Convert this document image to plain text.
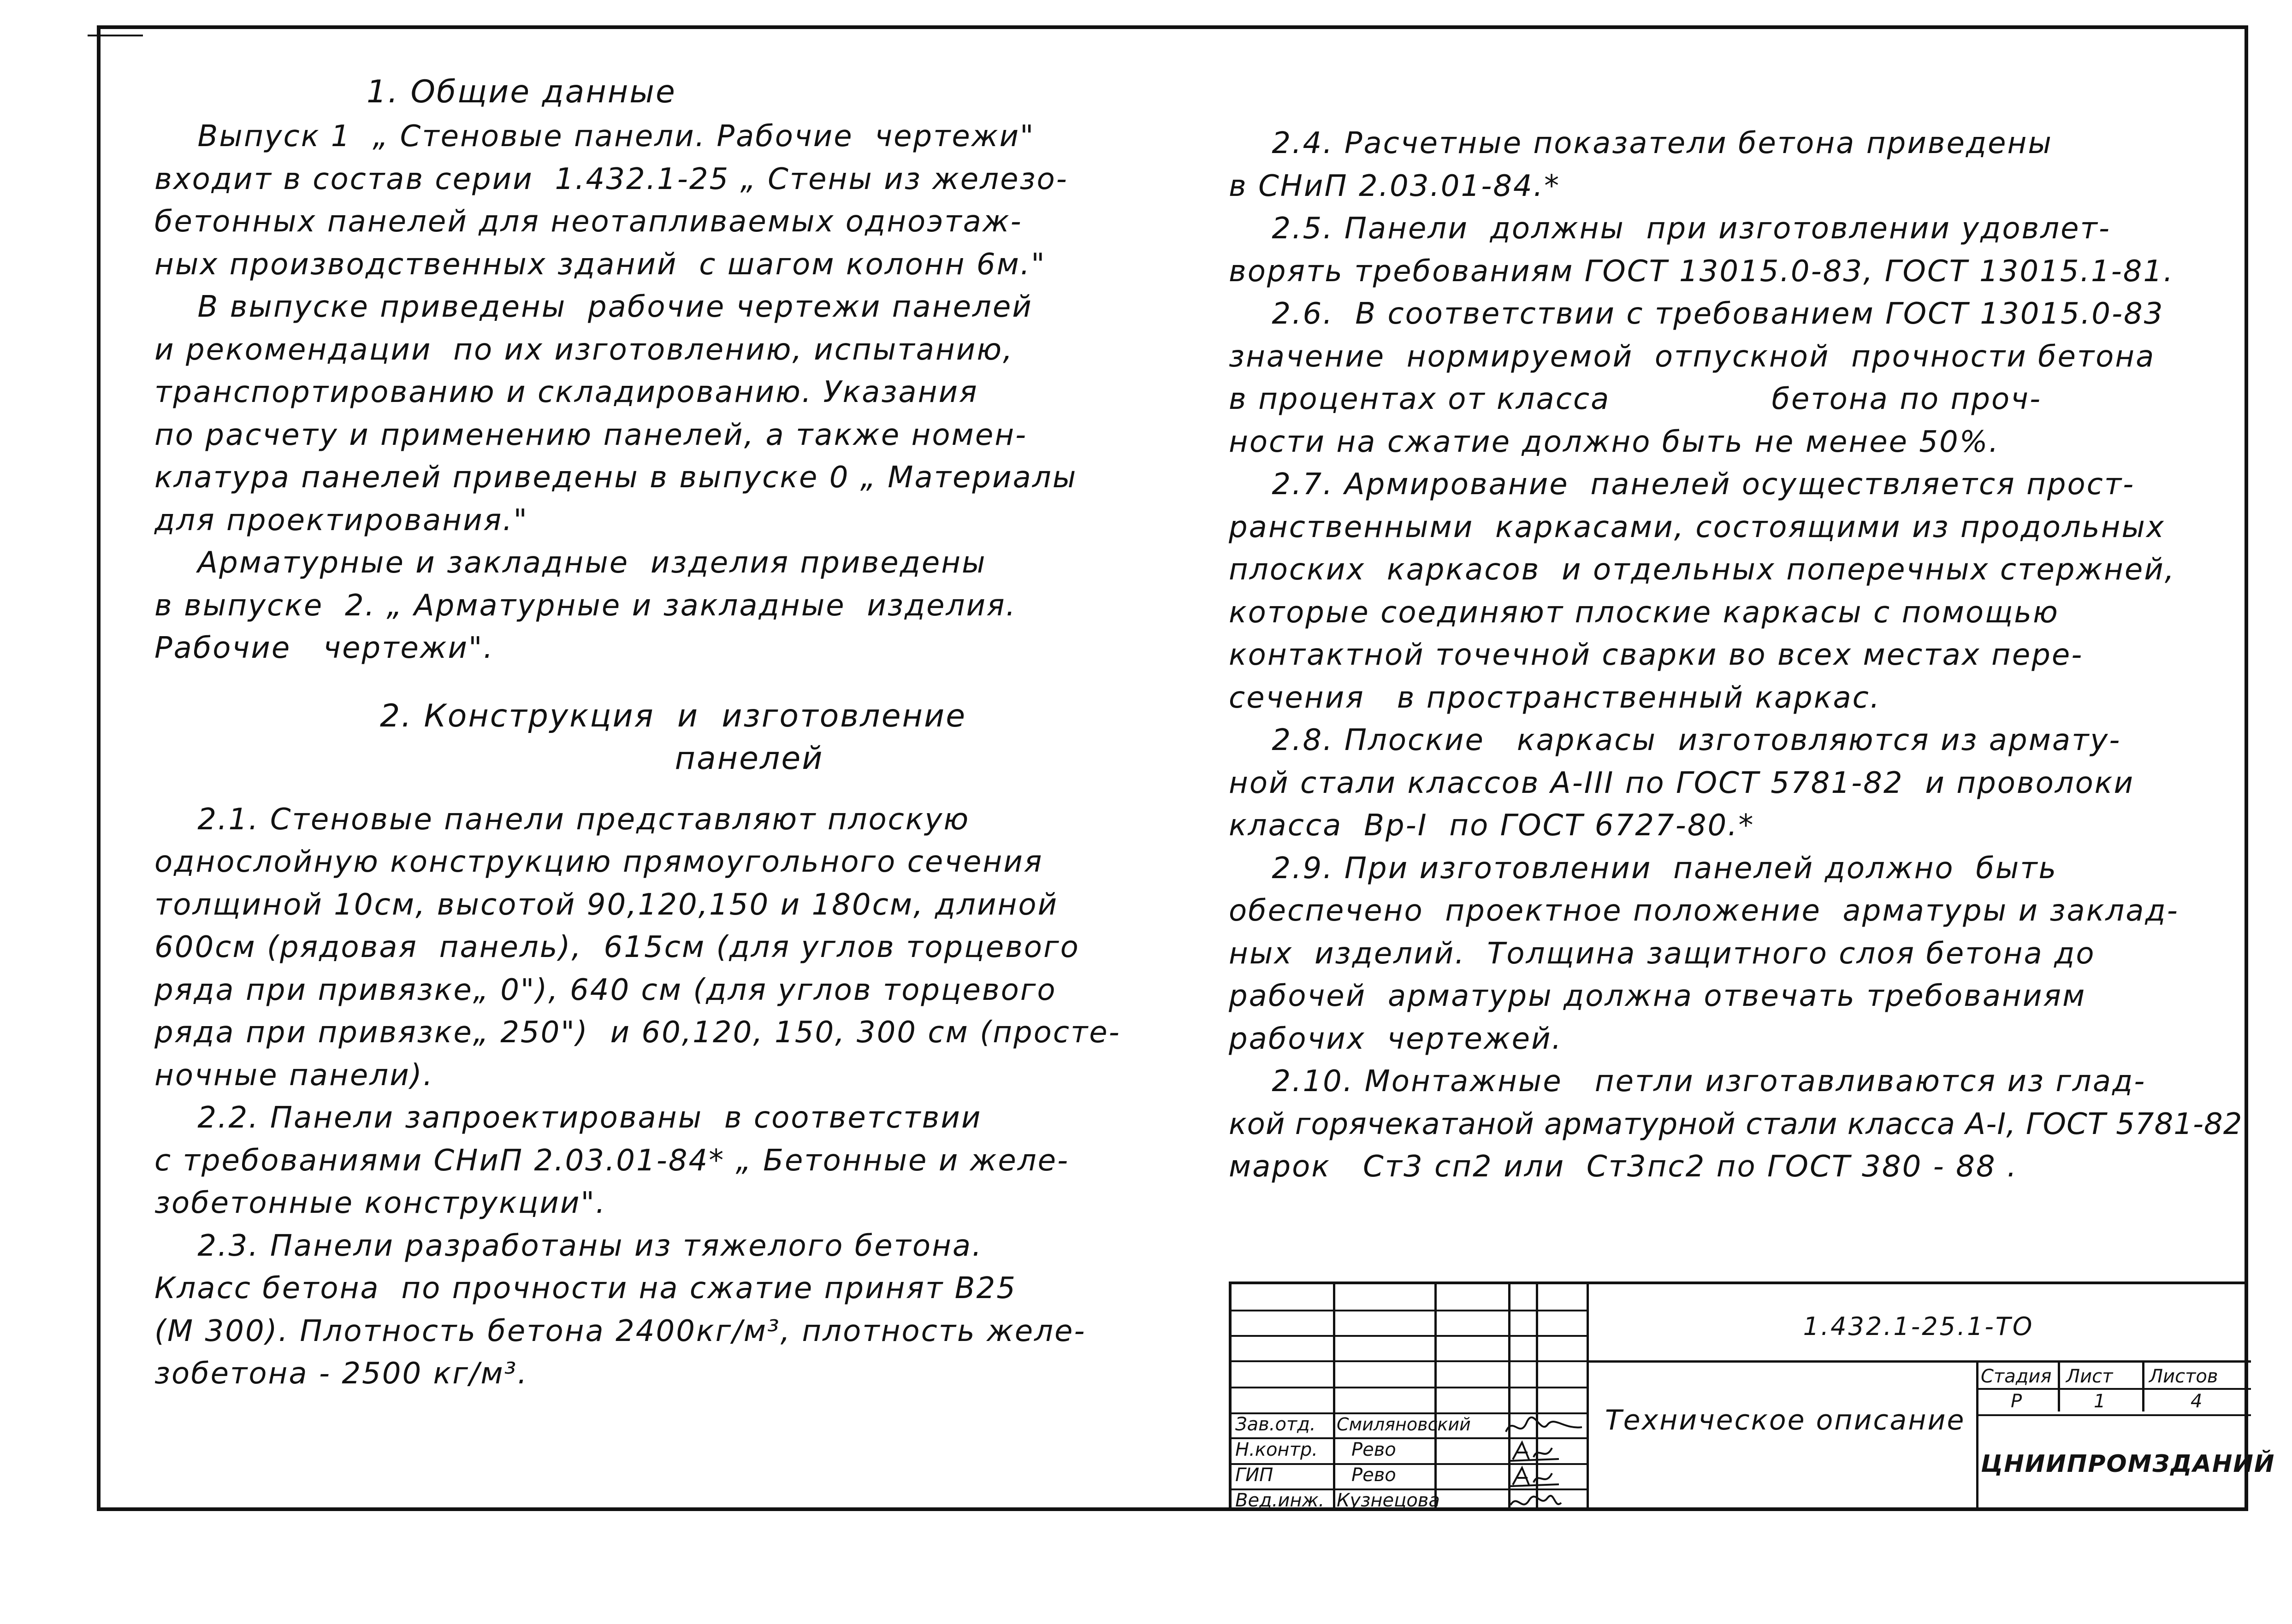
1. Общие данные

Выпуск 1  „ Стеновые панели. Рабочие  чертежи"

входит в состав серии  1.432.1-25 „ Стены из железо-

бетонных панелей для неотапливаемых одноэтаж-

ных производственных зданий  с шагом колонн 6м."

В выпуске приведены  рабочие чертежи панелей

и рекомендации  по их изготовлению, испытанию,

транспортированию и складированию. Указания

по расчету и применению панелей, а также номен-

клатура панелей приведены в выпуске 0 „ Материалы

для проектирования."

Арматурные и закладные  изделия приведены

в выпуске  2. „ Арматурные и закладные  изделия.

Рабочие   чертежи".

2. Конструкция  и  изготовление
панелей

2.1. Стеновые панели представляют плоскую

однослойную конструкцию прямоугольного сечения

толщиной 10см, высотой 90,120,150 и 180см, длиной

600см (рядовая  панель),  615см (для углов торцевого

ряда при привязке„ 0"), 640 см (для углов торцевого

ряда при привязке„ 250")  и 60,120, 150, 300 см (просте-

ночные панели).

2.2. Панели запроектированы  в соответствии

с требованиями СНиП 2.03.01-84* „ Бетонные и желе-

зобетонные конструкции".

2.3. Панели разработаны из тяжелого бетона.

Класс бетона  по прочности на сжатие принят В25

(М 300). Плотность бетона 2400кг/м³, плотность желе-

зобетона - 2500 кг/м³.

2.4. Расчетные показатели бетона приведены

в СНиП 2.03.01-84.*

2.5. Панели  должны  при изготовлении удовлет-

ворять требованиям ГОСТ 13015.0-83, ГОСТ 13015.1-81.

2.6.  В соответствии с требованием ГОСТ 13015.0-83

значение  нормируемой  отпускной  прочности бетона

в процентах от класса               бетона по проч-

ности на сжатие должно быть не менее 50%.

2.7. Армирование  панелей осуществляется прост-

ранственными  каркасами, состоящими из продольных

плоских  каркасов  и отдельных поперечных стержней,

которые соединяют плоские каркасы с помощью

контактной точечной сварки во всех местах пере-

сечения   в пространственный каркас.

2.8. Плоские   каркасы  изготовляются из армату-

ной стали классов А-III по ГОСТ 5781-82  и проволоки

класса  Вр-I  по ГОСТ 6727-80.*

2.9. При изготовлении  панелей должно  быть

обеспечено  проектное положение  арматуры и заклад-

ных  изделий.  Толщина защитного слоя бетона до

рабочей  арматуры должна отвечать требованиям

рабочих  чертежей.

2.10. Монтажные   петли изготавливаются из глад-

кой горячекатаной арматурной стали класса А-I, ГОСТ 5781-82

марок   Ст3 сп2 или  Ст3пс2 по ГОСТ 380 - 88 .

1.432.1-25.1-ТО
Техническое описание
Стадия Лист Листов
Р	1	4
ЦНИИПРОМЗДАНИЙ
Зав.отд. Смиляновский
Н.контр. Рево
ГИП	Рево
Вед.инж. Кузнецова
